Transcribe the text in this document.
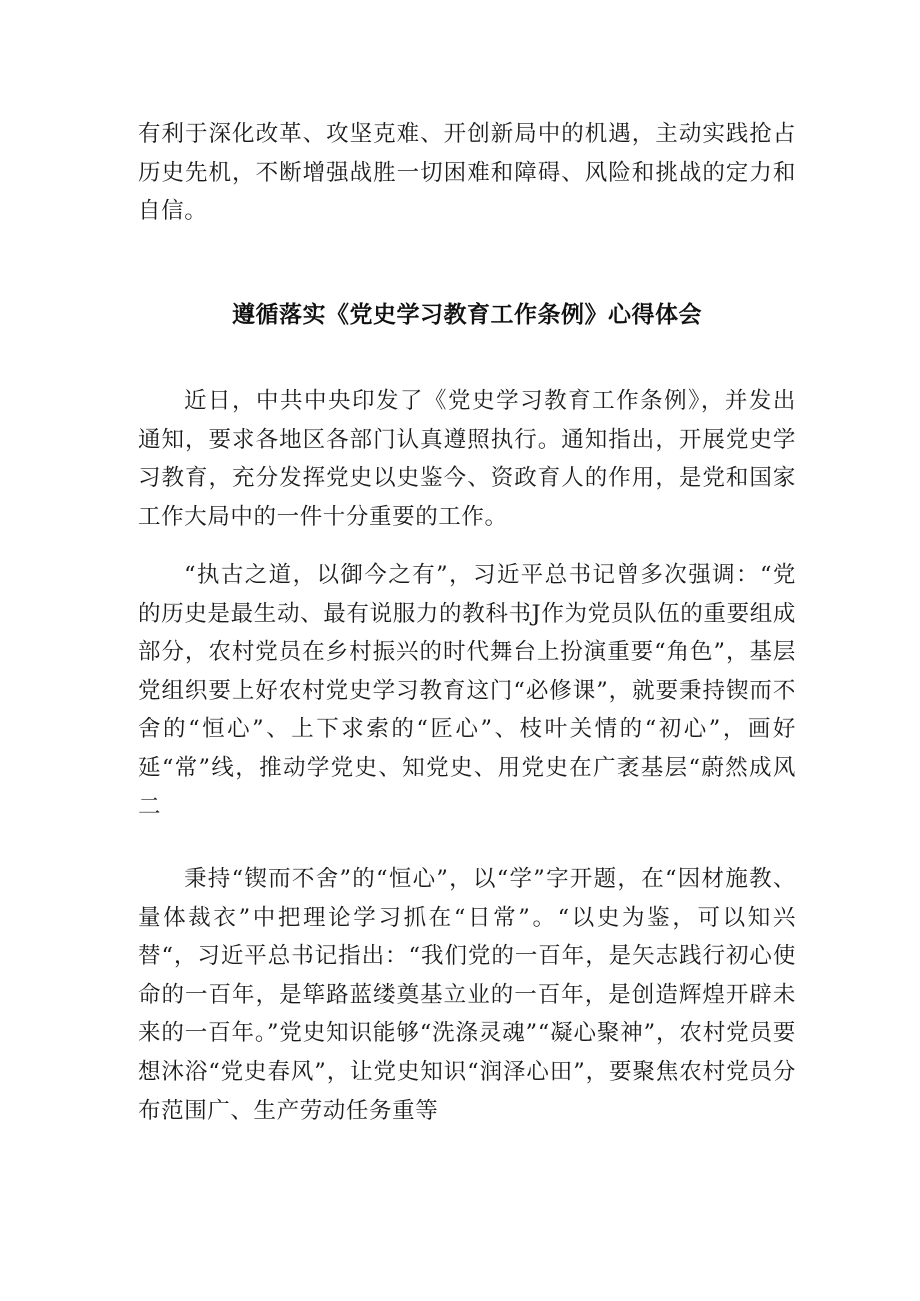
有利于深化改革、攻坚克难、开创新局中的机遇，主动实践抢占历史先机，不断增强战胜一切困难和障碍、风险和挑战的定力和自信。

遵循落实《党史学习教育工作条例》心得体会

近日，中共中央印发了《党史学习教育工作条例》，并发出通知，要求各地区各部门认真遵照执行。通知指出，开展党史学习教育，充分发挥党史以史鉴今、资政育人的作用，是党和国家工作大局中的一件十分重要的工作。

“执古之道，以御今之有”，习近平总书记曾多次强调：“党的历史是最生动、最有说服力的教科书J作为党员队伍的重要组成部分，农村党员在乡村振兴的时代舞台上扮演重要“角色”，基层党组织要上好农村党史学习教育这门“必修课”，就要秉持锲而不舍的“恒心”、上下求索的“匠心”、枝叶关情的“初心”，画好延“常”线，推动学党史、知党史、用党史在广袤基层“蔚然成风二

秉持“锲而不舍”的“恒心”，以“学”字开题，在“因材施教、量体裁衣”中把理论学习抓在“日常”。“以史为鉴，可以知兴替“，习近平总书记指出：“我们党的一百年，是矢志践行初心使命的一百年，是筚路蓝缕奠基立业的一百年，是创造辉煌开辟未来的一百年。”党史知识能够“洗涤灵魂”“凝心聚神”，农村党员要想沐浴“党史春风”，让党史知识“润泽心田”，要聚焦农村党员分布范围广、生产劳动任务重等
